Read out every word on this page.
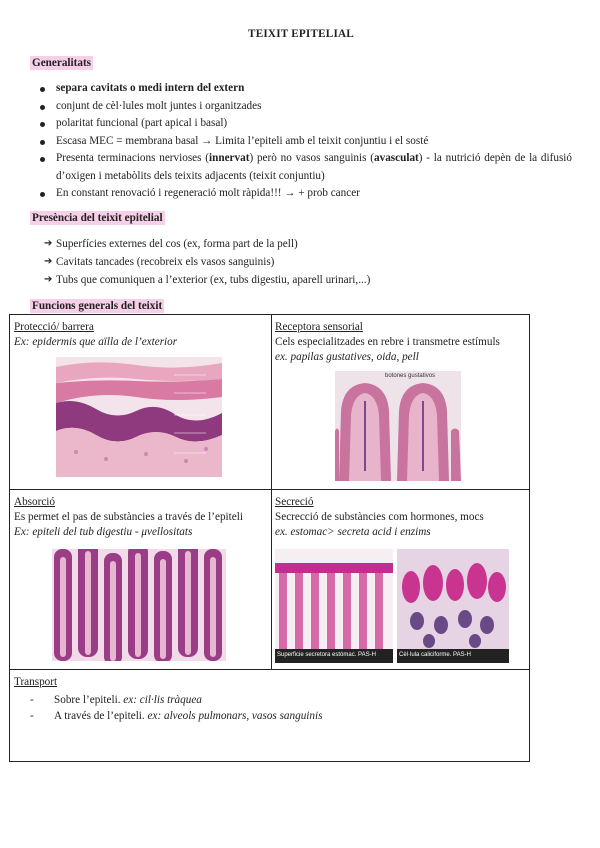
TEIXIT EPITELIAL
Generalitats
separa cavitats o medi intern del extern
conjunt de cèl·lules molt juntes i organitzades
polaritat funcional (part apical i basal)
Escasa MEC = membrana basal → Limita l’epiteli amb el teixit conjuntiu i el sosté
Presenta terminacions nervioses (innervat) però no vasos sanguinis (avasculat) - la nutrició depèn de la difusió d’oxigen i metabòlits dels teixits adjacents (teixit conjuntiu)
En constant renovació i regeneració molt ràpida!!! → + prob cancer
Presència del teixit epitelial
➔ Superfícies externes del cos (ex, forma part de la pell)
➔ Cavitats tancades (recobreix els vasos sanguinis)
➔ Tubs que comuniquen a l’exterior (ex, tubs digestiu, aparell urinari,...)
Funcions generals del teixit
Protecció/ barrera
Ex: epidermis que aïlla de l’exterior
Receptora sensorial
Cels especialitzades en rebre i transmetre estímuls
ex. papilas gustatives, oida, pell
botones gustativos
Absorció
Es permet el pas de substàncies a través de l’epiteli
Ex: epiteli del tub digestiu - μvellositats
Secreció
Secrecció de substàncies com hormones, mocs
ex. estomac> secreta acid i enzims
Superficie secretora estómac. PAS-H	Cèl·lula caliciforme. PAS-H
Transport
- Sobre l’epiteli. ex: cil·lis tràquea
- A través de l’epiteli. ex: alveols pulmonars, vasos sanguinis
